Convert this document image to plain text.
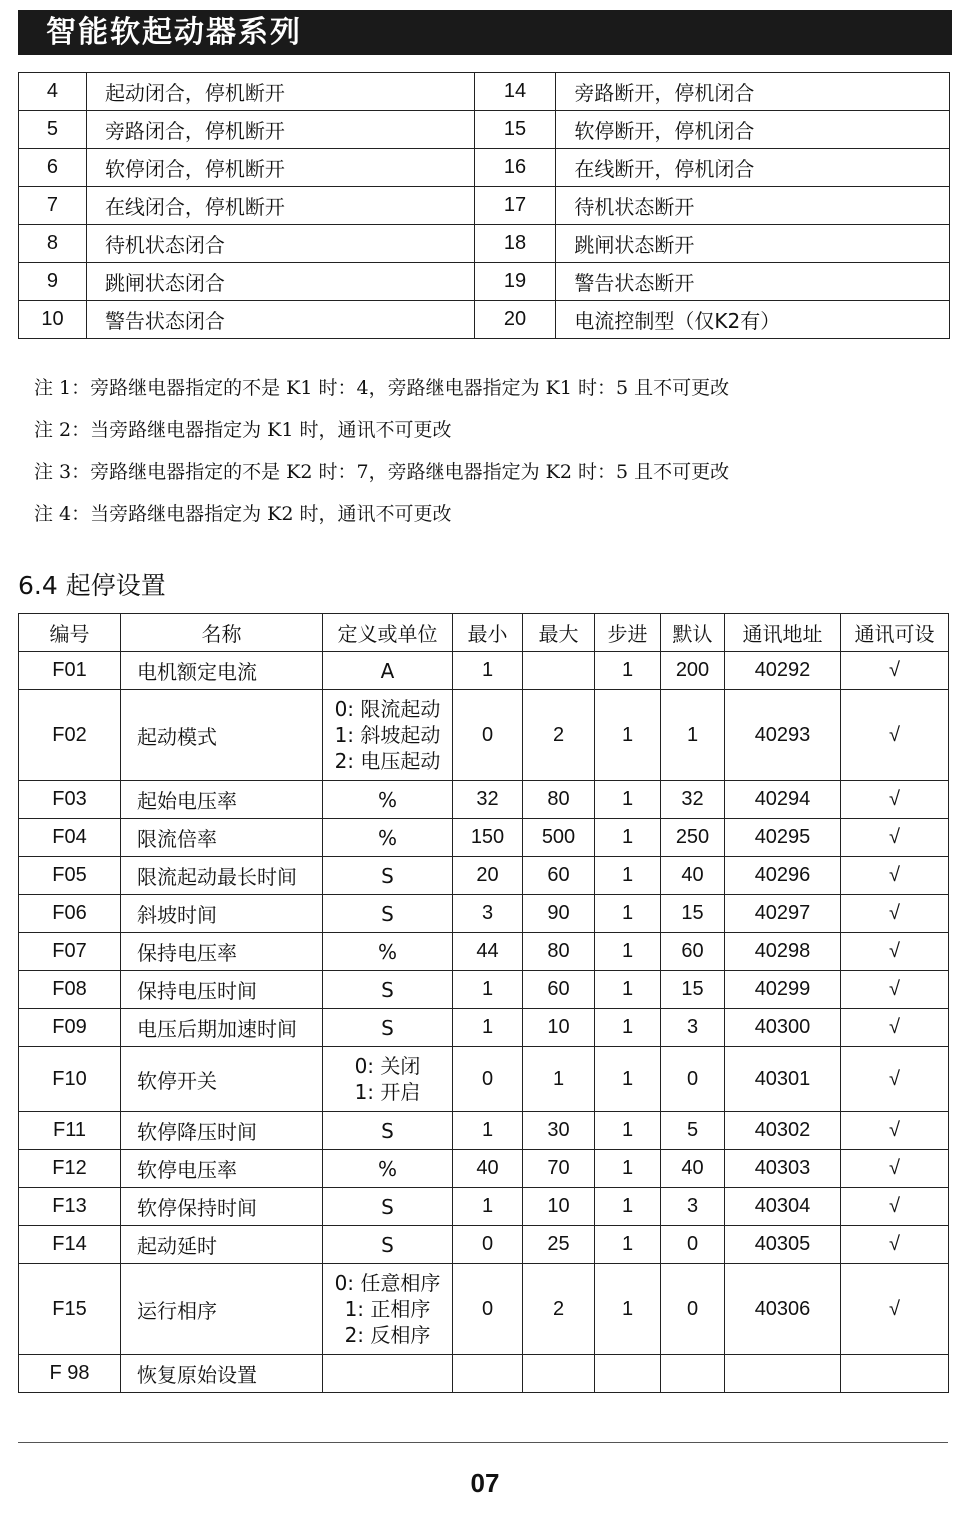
智能软起动器系列
4	起动闭合，停机断开	14	旁路断开，停机闭合
5	旁路闭合，停机断开	15	软停断开，停机闭合
6	软停闭合，停机断开	16	在线断开，停机闭合
7	在线闭合，停机断开	17	待机状态断开
8	待机状态闭合	18	跳闸状态断开
9	跳闸状态闭合	19	警告状态断开
10	警告状态闭合	20	电流控制型（仅K2有）
注 1：旁路继电器指定的不是 K1 时：4，旁路继电器指定为 K1 时：5 且不可更改
注 2：当旁路继电器指定为 K1 时，通讯不可更改
注 3：旁路继电器指定的不是 K2 时：7，旁路继电器指定为 K2 时：5 且不可更改
注 4：当旁路继电器指定为 K2 时，通讯不可更改
6.4 起停设置
编号	名称	定义或单位	最小	最大	步进	默认	通讯地址	通讯可设
F01	电机额定电流	A	1		1	200	40292	√
F02	起动模式	0: 限流起动
1: 斜坡起动
2: 电压起动	0	2	1	1	40293	√
F03	起始电压率	%	32	80	1	32	40294	√
F04	限流倍率	%	150	500	1	250	40295	√
F05	限流起动最长时间	S	20	60	1	40	40296	√
F06	斜坡时间	S	3	90	1	15	40297	√
F07	保持电压率	%	44	80	1	60	40298	√
F08	保持电压时间	S	1	60	1	15	40299	√
F09	电压后期加速时间	S	1	10	1	3	40300	√
F10	软停开关	0: 关闭
1: 开启	0	1	1	0	40301	√
F11	软停降压时间	S	1	30	1	5	40302	√
F12	软停电压率	%	40	70	1	40	40303	√
F13	软停保持时间	S	1	10	1	3	40304	√
F14	起动延时	S	0	25	1	0	40305	√
F15	运行相序	0: 任意相序
1: 正相序
2: 反相序	0	2	1	0	40306	√
F 98	恢复原始设置	

07
